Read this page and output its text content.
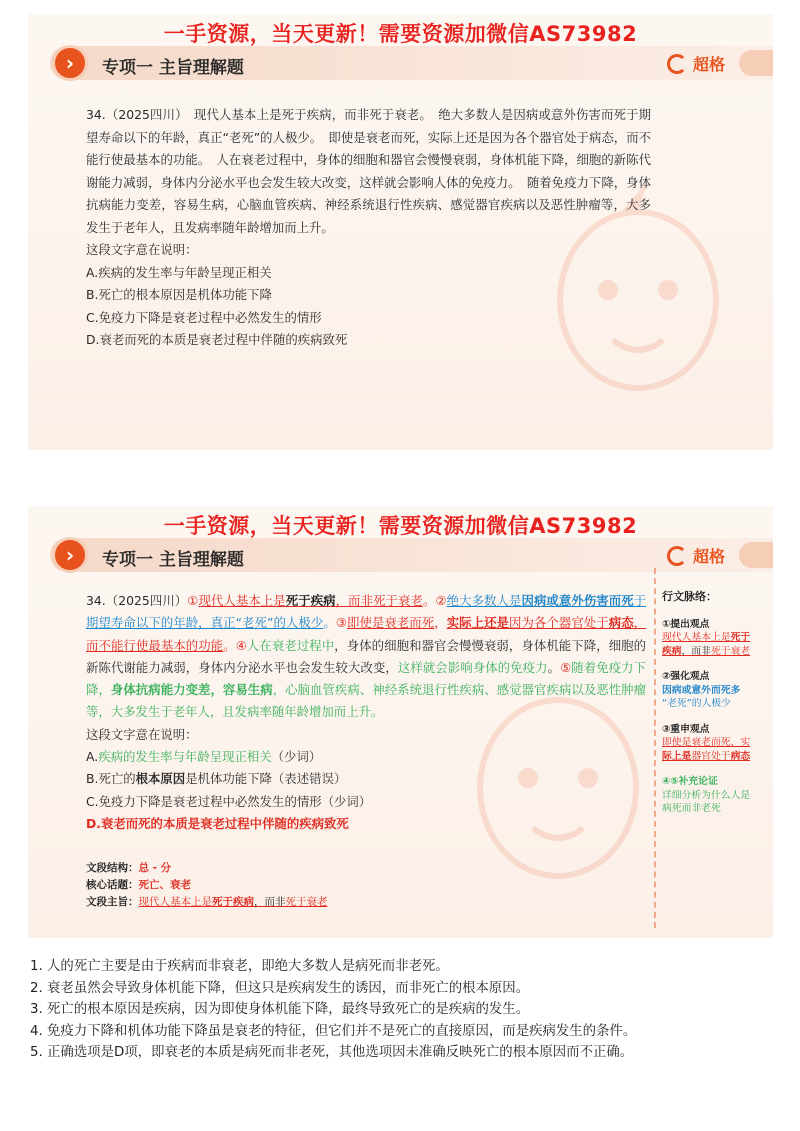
一手资源，当天更新！需要资源加微信AS73982
›	专项一 主旨理解题	超格

34.（2025四川）　现代人基本上是死于疾病，而非死于衰老。　绝大多数人是因病或意外伤害而死于期望寿命以下的年龄，真正“老死”的人极少。　即使是衰老而死，实际上还是因为各个器官处于病态，而不能行使最基本的功能。　人在衰老过程中，身体的细胞和器官会慢慢衰弱，身体机能下降，细胞的新陈代谢能力减弱，身体内分泌水平也会发生较大改变，这样就会影响人体的免疫力。　随着免疫力下降，身体抗病能力变差，容易生病，心脑血管疾病、神经系统退行性疾病、感觉器官疾病以及恶性肿瘤等，大多发生于老年人，且发病率随年龄增加而上升。

这段文字意在说明：

A.疾病的发生率与年龄呈现正相关

B.死亡的根本原因是机体功能下降

C.免疫力下降是衰老过程中必然发生的情形

D.衰老而死的本质是衰老过程中伴随的疾病致死

一手资源，当天更新！需要资源加微信AS73982
›	专项一 主旨理解题	超格

34.（2025四川）①现代人基本上是死于疾病，而非死于衰老。②绝大多数人是因病或意外伤害而死于期望寿命以下的年龄，真正“老死”的人极少。③即使是衰老而死，实际上还是因为各个器官处于病态，而不能行使最基本的功能。④人在衰老过程中，身体的细胞和器官会慢慢衰弱，身体机能下降，细胞的新陈代谢能力减弱，身体内分泌水平也会发生较大改变，这样就会影响身体的免疫力。⑤随着免疫力下降，身体抗病能力变差，容易生病，心脑血管疾病、神经系统退行性疾病、感觉器官疾病以及恶性肿瘤等，大多发生于老年人，且发病率随年龄增加而上升。

这段文字意在说明：

A.疾病的发生率与年龄呈现正相关（少词）

B.死亡的根本原因是机体功能下降（表述错误）

C.免疫力下降是衰老过程中必然发生的情形（少词）

D.衰老而死的本质是衰老过程中伴随的疾病致死

文段结构：总 - 分
核心话题：死亡、衰老
文段主旨：现代人基本上是死于疾病，而非死于衰老
行文脉络：
①提出观点
现代人基本上是死于
疾病，而非死于衰老
②强化观点
因病或意外而死多
“老死”的人极少
③重申观点
即使是衰老而死，实
际上是器官处于病态
④⑤补充论证
详细分析为什么人是
病死而非老死
1. 人的死亡主要是由于疾病而非衰老，即绝大多数人是病死而非老死。
2. 衰老虽然会导致身体机能下降，但这只是疾病发生的诱因，而非死亡的根本原因。
3. 死亡的根本原因是疾病，因为即使身体机能下降，最终导致死亡的是疾病的发生。
4. 免疫力下降和机体功能下降虽是衰老的特征，但它们并不是死亡的直接原因，而是疾病发生的条件。
5. 正确选项是D项，即衰老的本质是病死而非老死，其他选项因未准确反映死亡的根本原因而不正确。
